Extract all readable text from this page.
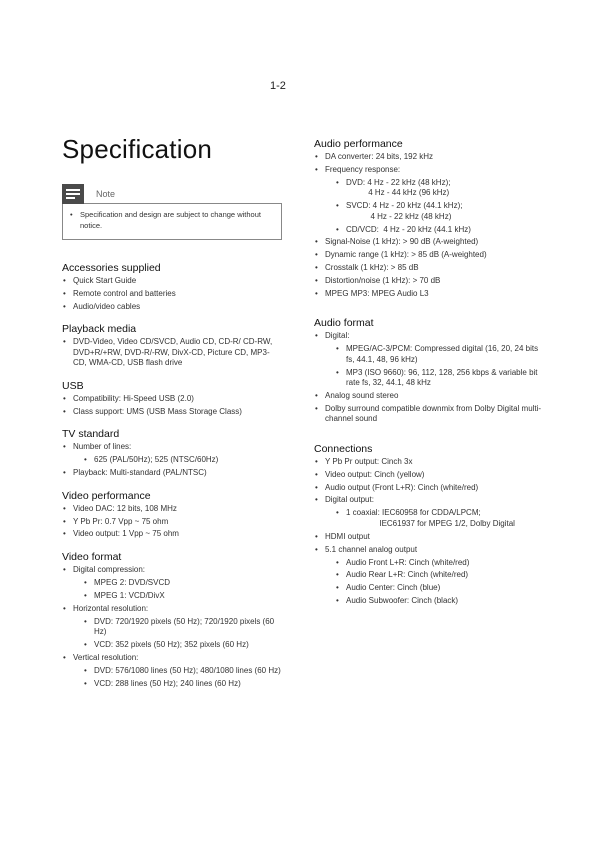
1-2
Specification
Note
• Specification and design are subject to change without notice.
Accessories supplied
• Quick Start Guide
• Remote control and batteries
• Audio/video cables
Playback media
• DVD-Video, Video CD/SVCD, Audio CD, CD-R/ CD-RW, DVD+R/+RW, DVD-R/-RW, DivX-CD, Picture CD, MP3-CD, WMA-CD, USB flash drive
USB
• Compatibility: Hi-Speed USB (2.0)
• Class support: UMS (USB Mass Storage Class)
TV standard
• Number of lines:
• 625 (PAL/50Hz); 525 (NTSC/60Hz)
• Playback: Multi-standard (PAL/NTSC)
Video performance
• Video DAC: 12 bits, 108 MHz
• Y Pb Pr: 0.7 Vpp ~ 75 ohm
• Video output: 1 Vpp ~ 75 ohm
Video format
• Digital compression:
• MPEG 2: DVD/SVCD
• MPEG 1: VCD/DivX
• Horizontal resolution:
• DVD: 720/1920 pixels (50 Hz); 720/1920 pixels (60 Hz)
• VCD: 352 pixels (50 Hz); 352 pixels (60 Hz)
• Vertical resolution:
• DVD: 576/1080 lines (50 Hz); 480/1080 lines (60 Hz)
• VCD: 288 lines (50 Hz); 240 lines (60 Hz)
Audio performance
• DA converter: 24 bits, 192 kHz
• Frequency response:
• DVD: 4 Hz - 22 kHz (48 kHz);
4 Hz - 44 kHz (96 kHz)
• SVCD: 4 Hz - 20 kHz (44.1 kHz);
4 Hz - 22 kHz (48 kHz)
• CD/VCD:  4 Hz - 20 kHz (44.1 kHz)
• Signal-Noise (1 kHz): > 90 dB (A-weighted)
• Dynamic range (1 kHz): > 85 dB (A-weighted)
• Crosstalk (1 kHz): > 85 dB
• Distortion/noise (1 kHz): > 70 dB
• MPEG MP3: MPEG Audio L3
Audio format
• Digital:
• MPEG/AC-3/PCM: Compressed digital (16, 20, 24 bits fs, 44.1, 48, 96 kHz)
• MP3 (ISO 9660): 96, 112, 128, 256 kbps & variable bit rate fs, 32, 44.1, 48 kHz
• Analog sound stereo
• Dolby surround compatible downmix from Dolby Digital multi-channel sound
Connections
• Y Pb Pr output: Cinch 3x
• Video output: Cinch (yellow)
• Audio output (Front L+R): Cinch (white/red)
• Digital output:
• 1 coaxial: IEC60958 for CDDA/LPCM;
IEC61937 for MPEG 1/2, Dolby Digital
• HDMI output
• 5.1 channel analog output
• Audio Front L+R: Cinch (white/red)
• Audio Rear L+R: Cinch (white/red)
• Audio Center: Cinch (blue)
• Audio Subwoofer: Cinch (black)
